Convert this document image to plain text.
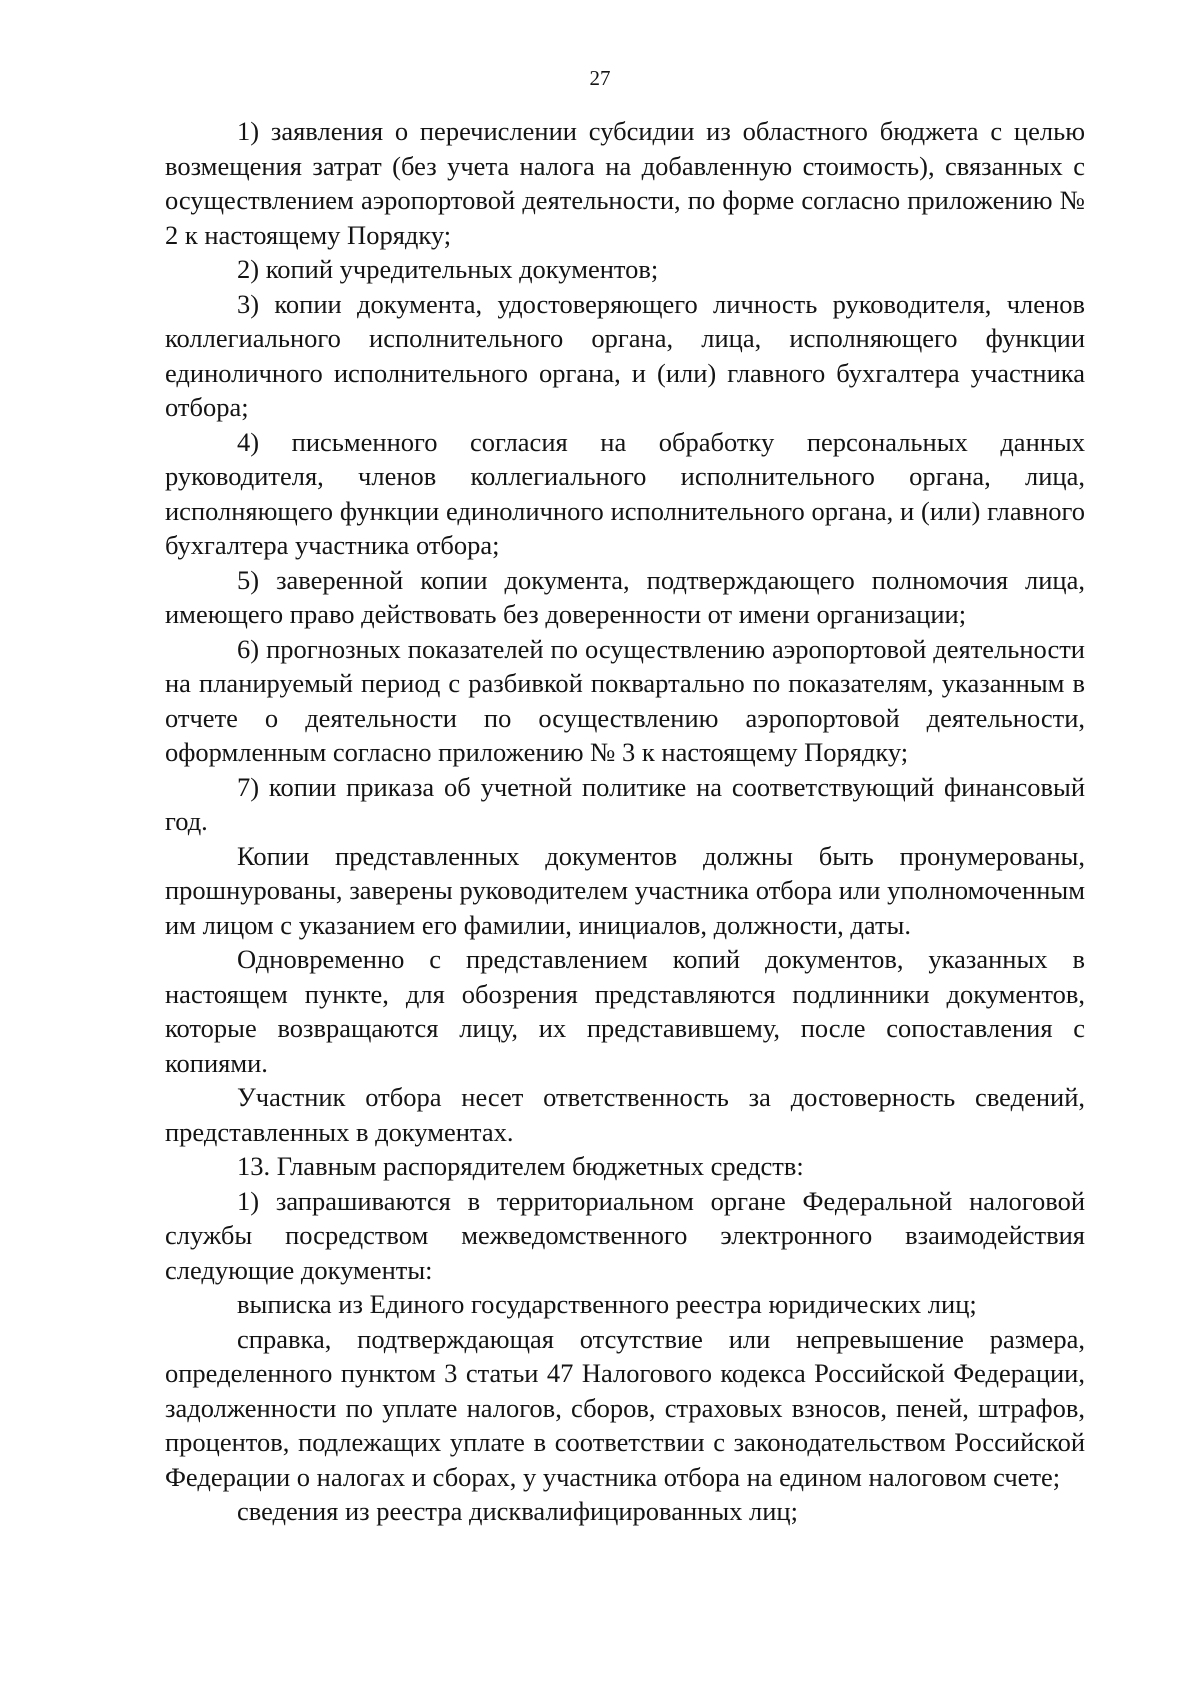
27

1) заявления о перечислении субсидии из областного бюджета с целью возмещения затрат (без учета налога на добавленную стоимость), связанных с осуществлением аэропортовой деятельности, по форме согласно приложению № 2 к настоящему Порядку;

2) копий учредительных документов;

3) копии документа, удостоверяющего личность руководителя, членов коллегиального исполнительного органа, лица, исполняющего функции единоличного исполнительного органа, и (или) главного бухгалтера участника отбора;

4) письменного согласия на обработку персональных данных руководителя, членов коллегиального исполнительного органа, лица, исполняющего функции единоличного исполнительного органа, и (или) главного бухгалтера участника отбора;

5) заверенной копии документа, подтверждающего полномочия лица, имеющего право действовать без доверенности от имени организации;

6) прогнозных показателей по осуществлению аэропортовой деятельности на планируемый период с разбивкой поквартально по показателям, указанным в отчете о деятельности по осуществлению аэропортовой деятельности, оформленным согласно приложению № 3 к настоящему Порядку;

7) копии приказа об учетной политике на соответствующий финансовый год.

Копии представленных документов должны быть пронумерованы, прошнурованы, заверены руководителем участника отбора или уполномоченным им лицом с указанием его фамилии, инициалов, должности, даты.

Одновременно с представлением копий документов, указанных в настоящем пункте, для обозрения представляются подлинники документов, которые возвращаются лицу, их представившему, после сопоставления с копиями.

Участник отбора несет ответственность за достоверность сведений, представленных в документах.

13. Главным распорядителем бюджетных средств:

1) запрашиваются в территориальном органе Федеральной налоговой службы посредством межведомственного электронного взаимодействия следующие документы:

выписка из Единого государственного реестра юридических лиц;

справка, подтверждающая отсутствие или непревышение размера, определенного пунктом 3 статьи 47 Налогового кодекса Российской Федерации, задолженности по уплате налогов, сборов, страховых взносов, пеней, штрафов, процентов, подлежащих уплате в соответствии с законодательством Российской Федерации о налогах и сборах, у участника отбора на едином налоговом счете;

сведения из реестра дисквалифицированных лиц;
